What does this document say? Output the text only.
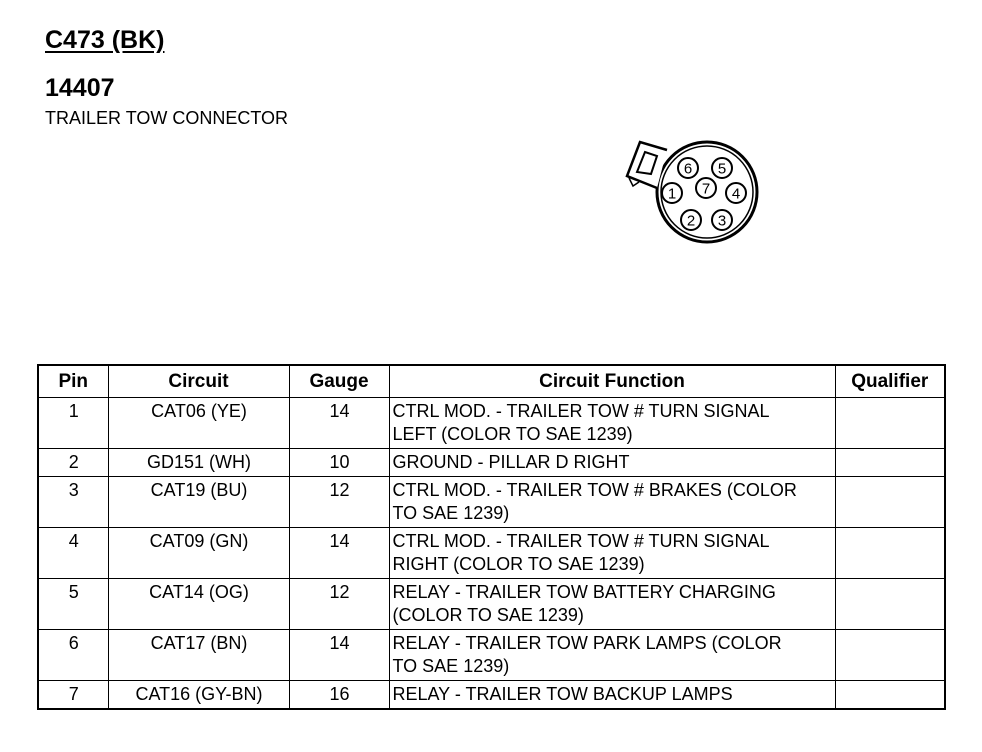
C473 (BK)
14407

TRAILER TOW CONNECTOR

6 5
1 7 4
2 3
Pin	Circuit	Gauge	Circuit Function	Qualifier
1	CAT06 (YE)	14	CTRL MOD. - TRAILER TOW # TURN SIGNAL
LEFT (COLOR TO SAE 1239)	
2	GD151 (WH)	10	GROUND - PILLAR D RIGHT	
3	CAT19 (BU)	12	CTRL MOD. - TRAILER TOW # BRAKES (COLOR
TO SAE 1239)	
4	CAT09 (GN)	14	CTRL MOD. - TRAILER TOW # TURN SIGNAL
RIGHT (COLOR TO SAE 1239)	
5	CAT14 (OG)	12	RELAY - TRAILER TOW BATTERY CHARGING
(COLOR TO SAE 1239)	
6	CAT17 (BN)	14	RELAY - TRAILER TOW PARK LAMPS (COLOR
TO SAE 1239)	
7	CAT16 (GY-BN)	16	RELAY - TRAILER TOW BACKUP LAMPS	
